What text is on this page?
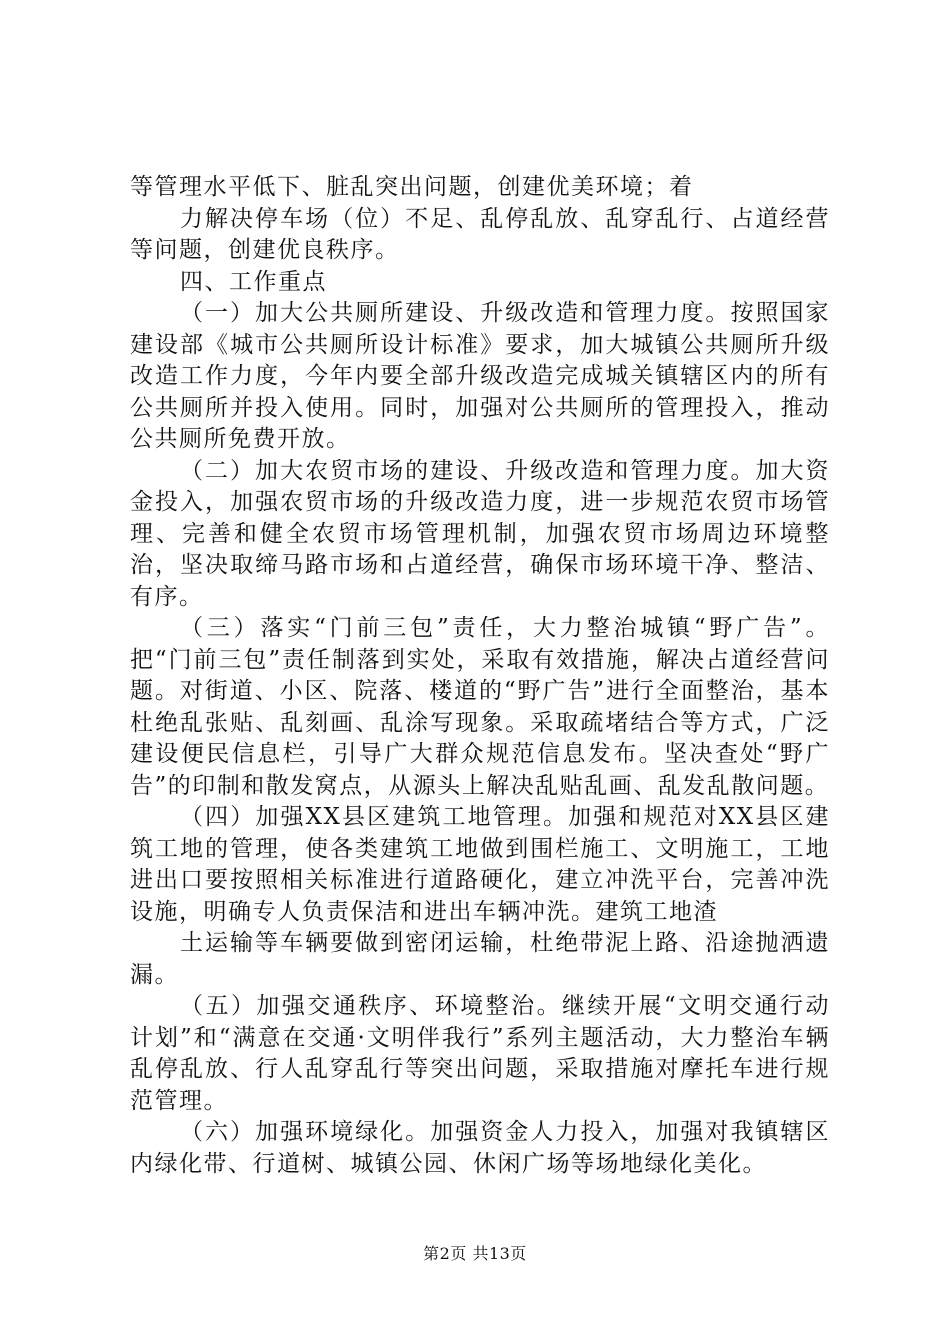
等管理水平低下、脏乱突出问题，创建优美环境；着

力解决停车场（位）不足、乱停乱放、乱穿乱行、占道经营等问题，创建优良秩序。

四、工作重点

（一）加大公共厕所建设、升级改造和管理力度。按照国家建设部《城市公共厕所设计标准》要求，加大城镇公共厕所升级改造工作力度，今年内要全部升级改造完成城关镇辖区内的所有公共厕所并投入使用。同时，加强对公共厕所的管理投入，推动公共厕所免费开放。

（二）加大农贸市场的建设、升级改造和管理力度。加大资金投入，加强农贸市场的升级改造力度，进一步规范农贸市场管理、完善和健全农贸市场管理机制，加强农贸市场周边环境整治，坚决取缔马路市场和占道经营，确保市场环境干净、整洁、有序。

（三）落实“门前三包”责任，大力整治城镇“野广告”。把“门前三包”责任制落到实处，采取有效措施，解决占道经营问题。对街道、小区、院落、楼道的“野广告”进行全面整治，基本杜绝乱张贴、乱刻画、乱涂写现象。采取疏堵结合等方式，广泛建设便民信息栏，引导广大群众规范信息发布。坚决查处“野广告”的印制和散发窝点，从源头上解决乱贴乱画、乱发乱散问题。

（四）加强XX县区建筑工地管理。加强和规范对XX县区建筑工地的管理，使各类建筑工地做到围栏施工、文明施工，工地进出口要按照相关标准进行道路硬化，建立冲洗平台，完善冲洗设施，明确专人负责保洁和进出车辆冲洗。建筑工地渣

土运输等车辆要做到密闭运输，杜绝带泥上路、沿途抛洒遗漏。

（五）加强交通秩序、环境整治。继续开展“文明交通行动计划”和“满意在交通·文明伴我行”系列主题活动，大力整治车辆乱停乱放、行人乱穿乱行等突出问题，采取措施对摩托车进行规范管理。

（六）加强环境绿化。加强资金人力投入，加强对我镇辖区内绿化带、行道树、城镇公园、休闲广场等场地绿化美化。

第2页 共13页
